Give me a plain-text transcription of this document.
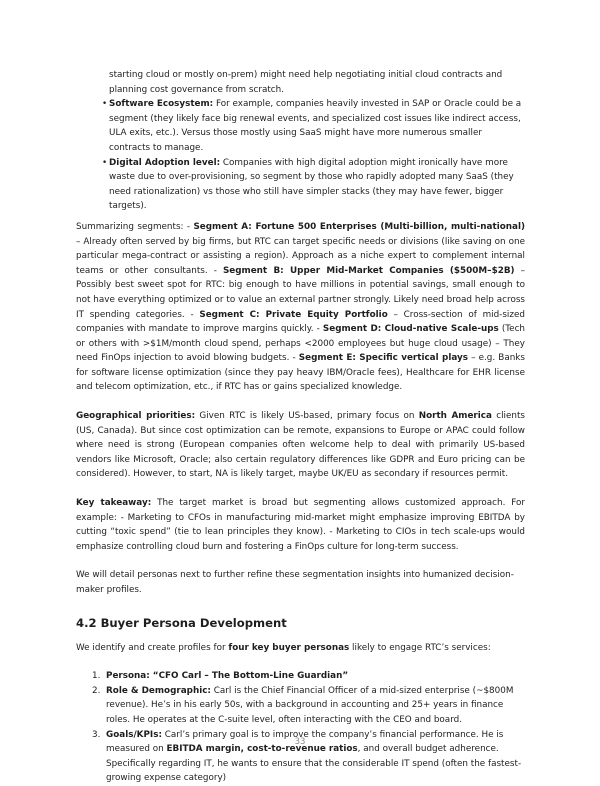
starting cloud or mostly on-prem) might need help negotiating initial cloud contracts and planning cost governance from scratch.

• Software Ecosystem: For example, companies heavily invested in SAP or Oracle could be a segment (they likely face big renewal events, and specialized cost issues like indirect access, ULA exits, etc.). Versus those mostly using SaaS might have more numerous smaller contracts to manage.
• Digital Adoption level: Companies with high digital adoption might ironically have more waste due to over-provisioning, so segment by those who rapidly adopted many SaaS (they need rationalization) vs those who still have simpler stacks (they may have fewer, bigger targets).

Summarizing segments: - Segment A: Fortune 500 Enterprises (Multi-billion, multi-national) – Already often served by big firms, but RTC can target specific needs or divisions (like saving on one particular mega-contract or assisting a region). Approach as a niche expert to complement internal teams or other consultants. - Segment B: Upper Mid-Market Companies ($500M–$2B) – Possibly best sweet spot for RTC: big enough to have millions in potential savings, small enough to not have everything optimized or to value an external partner strongly. Likely need broad help across IT spending categories. - Segment C: Private Equity Portfolio – Cross-section of mid-sized companies with mandate to improve margins quickly. - Segment D: Cloud-native Scale-ups (Tech or others with >$1M/month cloud spend, perhaps <2000 employees but huge cloud usage) – They need FinOps injection to avoid blowing budgets. - Segment E: Specific vertical plays – e.g. Banks for software license optimization (since they pay heavy IBM/Oracle fees), Healthcare for EHR license and telecom optimization, etc., if RTC has or gains specialized knowledge.

Geographical priorities: Given RTC is likely US-based, primary focus on North America clients (US, Canada). But since cost optimization can be remote, expansions to Europe or APAC could follow where need is strong (European companies often welcome help to deal with primarily US-based vendors like Microsoft, Oracle; also certain regulatory differences like GDPR and Euro pricing can be considered). However, to start, NA is likely target, maybe UK/EU as secondary if resources permit.

Key takeaway: The target market is broad but segmenting allows customized approach. For example: - Marketing to CFOs in manufacturing mid-market might emphasize improving EBITDA by cutting “toxic spend” (tie to lean principles they know). - Marketing to CIOs in tech scale-ups would emphasize controlling cloud burn and fostering a FinOps culture for long-term success.

We will detail personas next to further refine these segmentation insights into humanized decision-maker profiles.

4.2 Buyer Persona Development

We identify and create profiles for four key buyer personas likely to engage RTC’s services:

1. Persona: “CFO Carl – The Bottom-Line Guardian”
2. Role & Demographic: Carl is the Chief Financial Officer of a mid-sized enterprise (~$800M revenue). He’s in his early 50s, with a background in accounting and 25+ years in finance roles. He operates at the C-suite level, often interacting with the CEO and board.
3. Goals/KPIs: Carl’s primary goal is to improve the company’s financial performance. He is measured on EBITDA margin, cost-to-revenue ratios, and overall budget adherence. Specifically regarding IT, he wants to ensure that the considerable IT spend (often the fastest-growing expense category)
33
